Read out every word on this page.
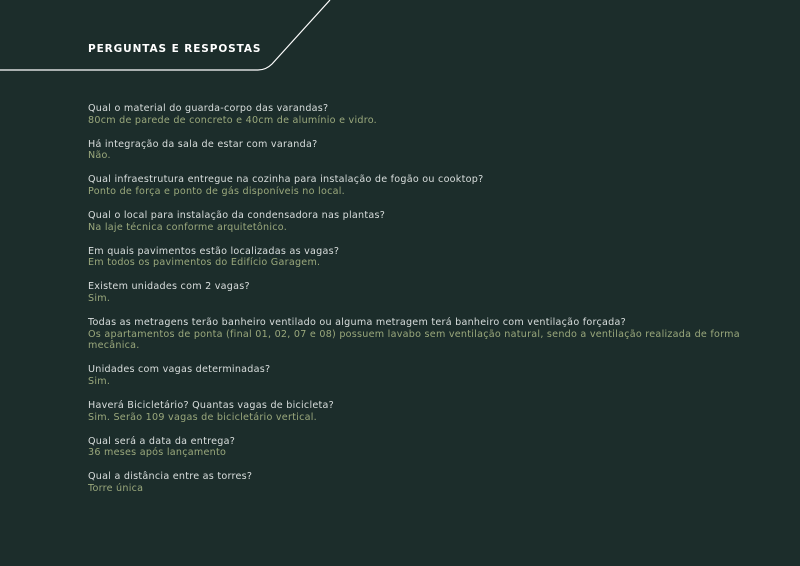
PERGUNTAS E RESPOSTAS
Qual o material do guarda-corpo das varandas?
80cm de parede de concreto e 40cm de alumínio e vidro.
Há integração da sala de estar com varanda?
Não.
Qual infraestrutura entregue na cozinha para instalação de fogão ou cooktop?
Ponto de força e ponto de gás disponíveis no local.
Qual o local para instalação da condensadora nas plantas?
Na laje técnica conforme arquitetônico.
Em quais pavimentos estão localizadas as vagas?
Em todos os pavimentos do Edifício Garagem.
Existem unidades com 2 vagas?
Sim.
Todas as metragens terão banheiro ventilado ou alguma metragem terá banheiro com ventilação forçada?
Os apartamentos de ponta (final 01, 02, 07 e 08) possuem lavabo sem ventilação natural, sendo a ventilação realizada de forma mecânica.
Unidades com vagas determinadas?
Sim.
Haverá Bicicletário? Quantas vagas de bicicleta?
Sim. Serão 109 vagas de bicicletário vertical.
Qual será a data da entrega?
36 meses após lançamento
Qual a distância entre as torres?
Torre única
